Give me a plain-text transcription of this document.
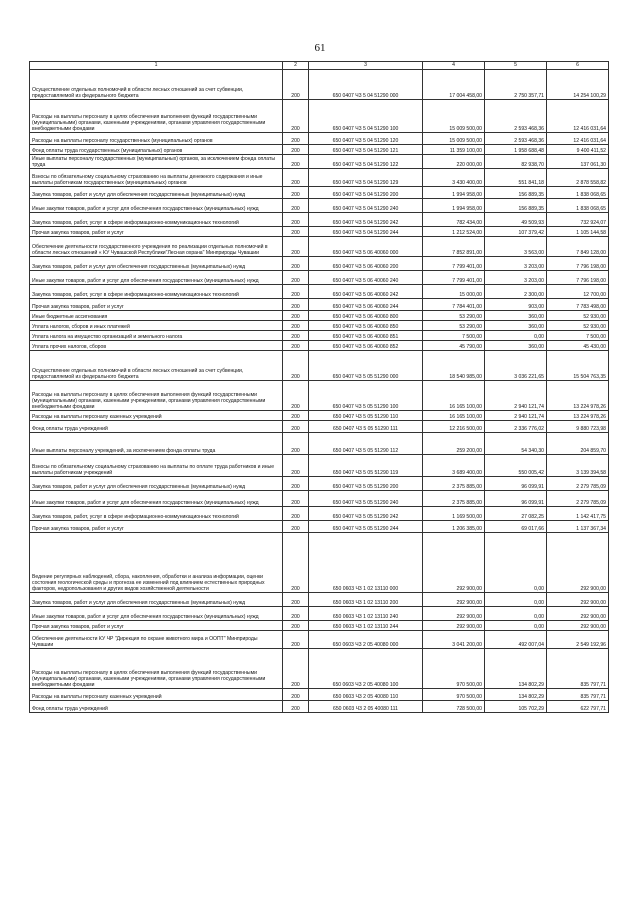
61
1	2	3	4	5	6
Осуществление отдельных полномочий в области лесных отношений за счет субвенции, предоставляемой из федерального бюджета	200	650 0407 Ч3 5 04 51290 000	17 004 458,00	2 750 357,71	14 254 100,29
Расходы на выплаты персоналу в целях обеспечения выполнения функций государственными (муниципальными) органами, казенными учреждениями, органами управления государственными внебюджетными фондами	200	650 0407 Ч3 5 04 51290 100	15 009 500,00	2 593 468,36	12 416 031,64
Расходы на выплаты персоналу государственных (муниципальных) органов	200	650 0407 Ч3 5 04 51290 120	15 009 500,00	2 593 468,36	12 416 031,64
Фонд оплаты труда государственных (муниципальных) органов	200	650 0407 Ч3 5 04 51290 121	11 359 100,00	1 958 688,48	9 400 411,52
Иные выплаты персоналу государственных (муниципальных) органов, за исключением фонда оплаты труда	200	650 0407 Ч3 5 04 51290 122	220 000,00	82 938,70	137 061,30
Взносы по обязательному социальному страхованию на выплаты денежного содержания и иные выплаты работникам государственных (муниципальных) органов	200	650 0407 Ч3 5 04 51290 129	3 430 400,00	551 841,18	2 878 558,82
Закупка товаров, работ и услуг для обеспечения государственных (муниципальных) нужд	200	650 0407 Ч3 5 04 51290 200	1 994 958,00	156 889,35	1 838 068,65
Иные закупки товаров, работ и услуг для обеспечения государственных (муниципальных) нужд	200	650 0407 Ч3 5 04 51290 240	1 994 958,00	156 889,35	1 838 068,65
Закупка товаров, работ, услуг в сфере информационно-коммуникационных технологий	200	650 0407 Ч3 5 04 51290 242	782 434,00	49 509,93	732 924,07
Прочая закупка товаров, работ и услуг	200	650 0407 Ч3 5 04 51290 244	1 212 524,00	107 379,42	1 105 144,58
Обеспечение деятельности государственного учреждения по реализации отдельных полномочий в области лесных отношений « КУ Чувашской Республики"Лесная охрана" Минприроды Чувашии	200	650 0407 Ч3 5 06 40060 000	7 852 891,00	3 563,00	7 849 128,00
Закупка товаров, работ и услуг для обеспечения государственных (муниципальных) нужд	200	650 0407 Ч3 5 06 40060 200	7 799 401,00	3 203,00	7 796 198,00
Иные закупки товаров, работ и услуг для обеспечения государственных (муниципальных) нужд	200	650 0407 Ч3 5 06 40060 240	7 799 401,00	3 203,00	7 796 198,00
Закупка товаров, работ, услуг в сфере информационно-коммуникационных технологий	200	650 0407 Ч3 5 06 40060 242	15 000,00	2 300,00	12 700,00
Прочая закупка товаров, работ и услуг	200	650 0407 Ч3 5 06 40060 244	7 784 401,00	903,00	7 783 498,00
Иные бюджетные ассигнования	200	650 0407 Ч3 5 06 40060 800	53 290,00	360,00	52 930,00
Уплата налогов, сборов и иных платежей	200	650 0407 Ч3 5 06 40060 850	53 290,00	360,00	52 930,00
Уплата налога на имущество организаций и земельного налога	200	650 0407 Ч3 5 06 40060 851	7 500,00	0,00	7 500,00
Уплата прочих налогов, сборов	200	650 0407 Ч3 5 06 40060 852	45 790,00	360,00	45 430,00
Осуществление отдельных полномочий в области лесных отношений за счет субвенции, предоставляемой из федерального бюджета	200	650 0407 Ч3 5 05 51290 000	18 540 985,00	3 036 221,65	15 504 763,35
Расходы на выплаты персоналу в целях обеспечения выполнения функций государственными (муниципальными) органами, казенными учреждениями, органами управления государственными внебюджетными фондами	200	650 0407 Ч3 5 05 51290 100	16 165 100,00	2 940 121,74	13 224 978,26
Расходы на выплаты персоналу казенных учреждений	200	650 0407 Ч3 5 05 51290 110	16 165 100,00	2 940 121,74	13 224 978,26
Фонд оплаты труда учреждений	200	650 0407 Ч3 5 05 51290 111	12 216 500,00	2 336 776,02	9 880 723,98
Иные выплаты персоналу учреждений, за исключением фонда оплаты труда	200	650 0407 Ч3 5 05 51290 112	259 200,00	54 340,30	204 859,70
Взносы по обязательному социальному страхованию на выплаты по оплате труда работников и иные выплаты работникам учреждений	200	650 0407 Ч3 5 05 51290 119	3 689 400,00	550 005,42	3 139 394,58
Закупка товаров, работ и услуг для обеспечения государственных (муниципальных) нужд	200	650 0407 Ч3 5 05 51290 200	2 375 885,00	96 099,91	2 279 785,09
Иные закупки товаров, работ и услуг для обеспечения государственных (муниципальных) нужд	200	650 0407 Ч3 5 05 51290 240	2 375 885,00	96 099,91	2 279 785,09
Закупка товаров, работ, услуг в сфере информационно-коммуникационных технологий	200	650 0407 Ч3 5 05 51290 242	1 169 500,00	27 082,25	1 142 417,75
Прочая закупка товаров, работ и услуг	200	650 0407 Ч3 5 05 51290 244	1 206 385,00	69 017,66	1 137 367,34
Ведение регулярных наблюдений, сбора, накопления, обработки и анализа информации, оценки состояния геологической среды и прогноза ее изменений под влиянием естественных природных факторов, недропользования и других видов хозяйственной деятельности	200	650 0603 Ч3 1 02 13110 000	292 900,00	0,00	292 900,00
Закупка товаров, работ и услуг для обеспечения государственных (муниципальных) нужд	200	650 0603 Ч3 1 02 13110 200	292 900,00	0,00	292 900,00
Иные закупки товаров, работ и услуг для обеспечения государственных (муниципальных) нужд	200	650 0603 Ч3 1 02 13110 240	292 900,00	0,00	292 900,00
Прочая закупка товаров, работ и услуг	200	650 0603 Ч3 1 02 13110 244	292 900,00	0,00	292 900,00
Обеспечение деятельности КУ ЧР "Дирекция по охране животного мира и ООПТ" Минприроды Чувашии	200	650 0603 Ч3 2 05 40080 000	3 041 200,00	492 007,04	2 549 192,96
Расходы на выплаты персоналу в целях обеспечения выполнения функций государственными (муниципальными) органами, казенными учреждениями, органами управления государственными внебюджетными фондами	200	650 0603 Ч3 2 05 40080 100	970 500,00	134 802,29	835 797,71
Расходы на выплаты персоналу казенных учреждений	200	650 0603 Ч3 2 05 40080 110	970 500,00	134 802,29	835 797,71
Фонд оплаты труда учреждений	200	650 0603 Ч3 2 05 40080 111	728 500,00	105 702,29	622 797,71
